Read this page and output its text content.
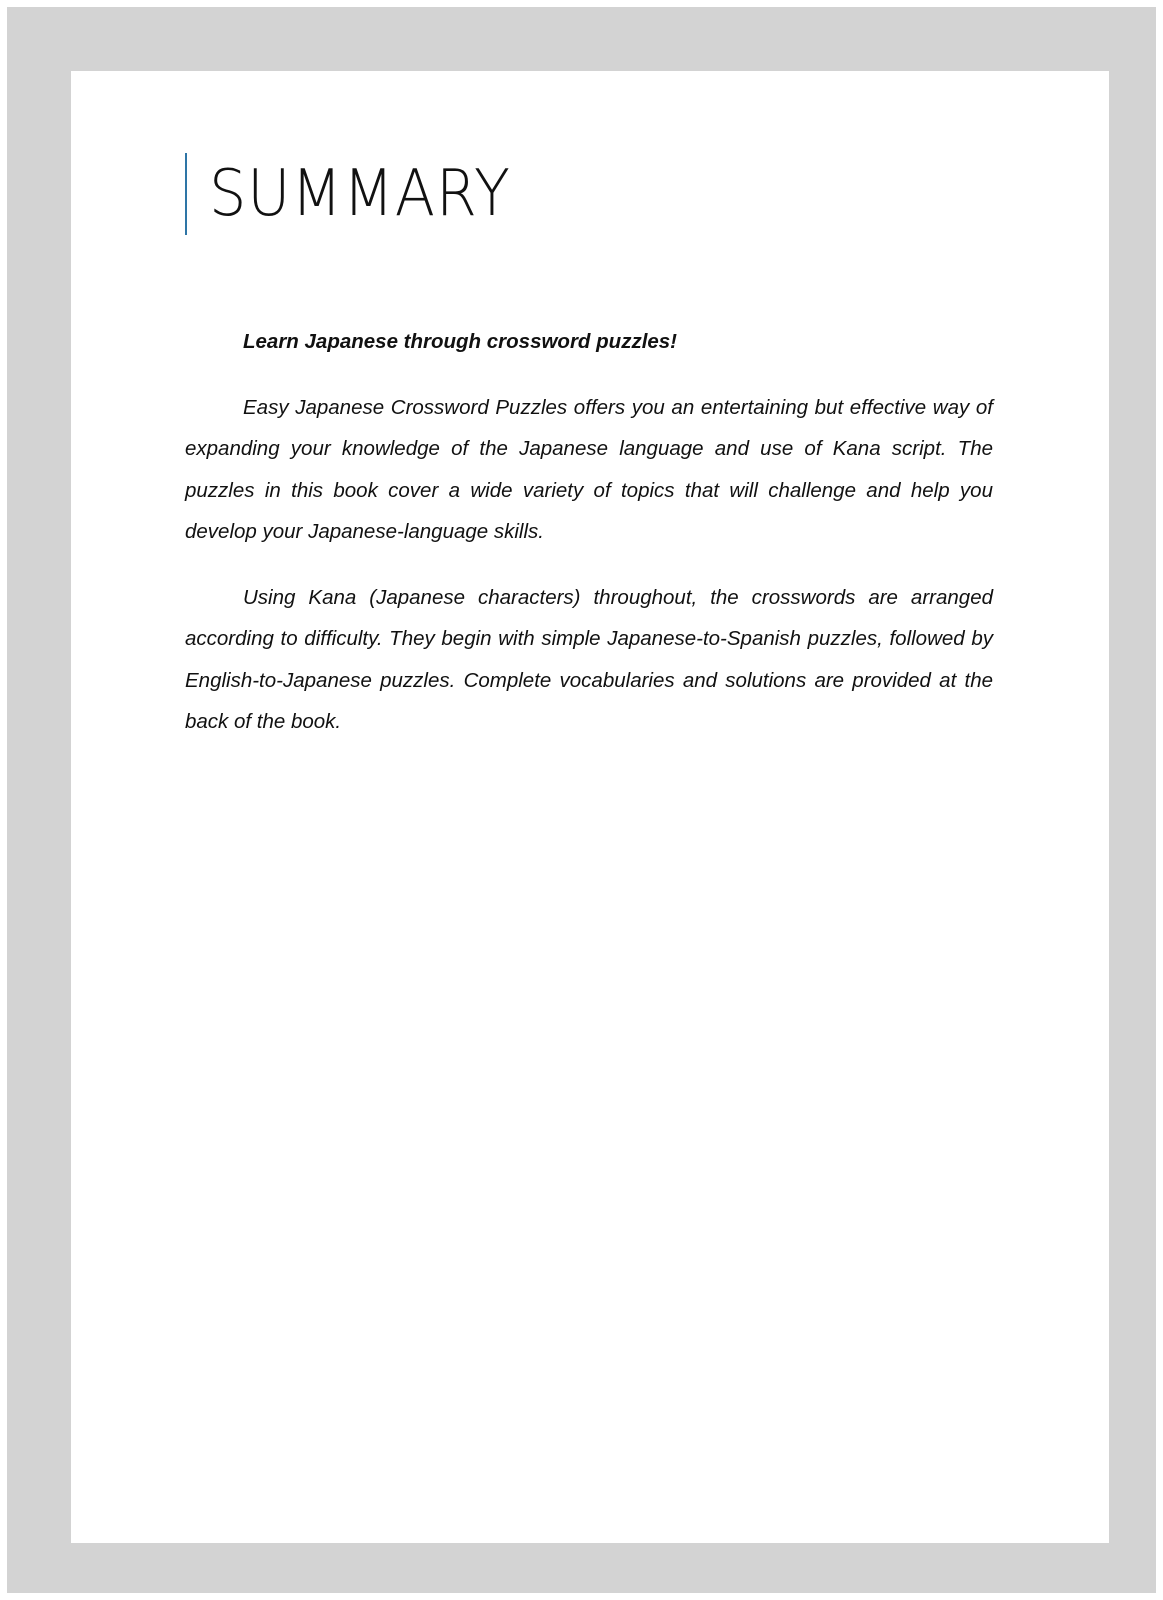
SUMMARY

Learn Japanese through crossword puzzles!

Easy Japanese Crossword Puzzles offers you an entertaining but effective way of expanding your knowledge of the Japanese language and use of Kana script. The puzzles in this book cover a wide variety of topics that will challenge and help you develop your Japanese-language skills.

Using Kana (Japanese characters) throughout, the crosswords are arranged according to difficulty. They begin with simple Japanese-to-Spanish puzzles, followed by English-to-Japanese puzzles. Complete vocabularies and solutions are provided at the back of the book.
